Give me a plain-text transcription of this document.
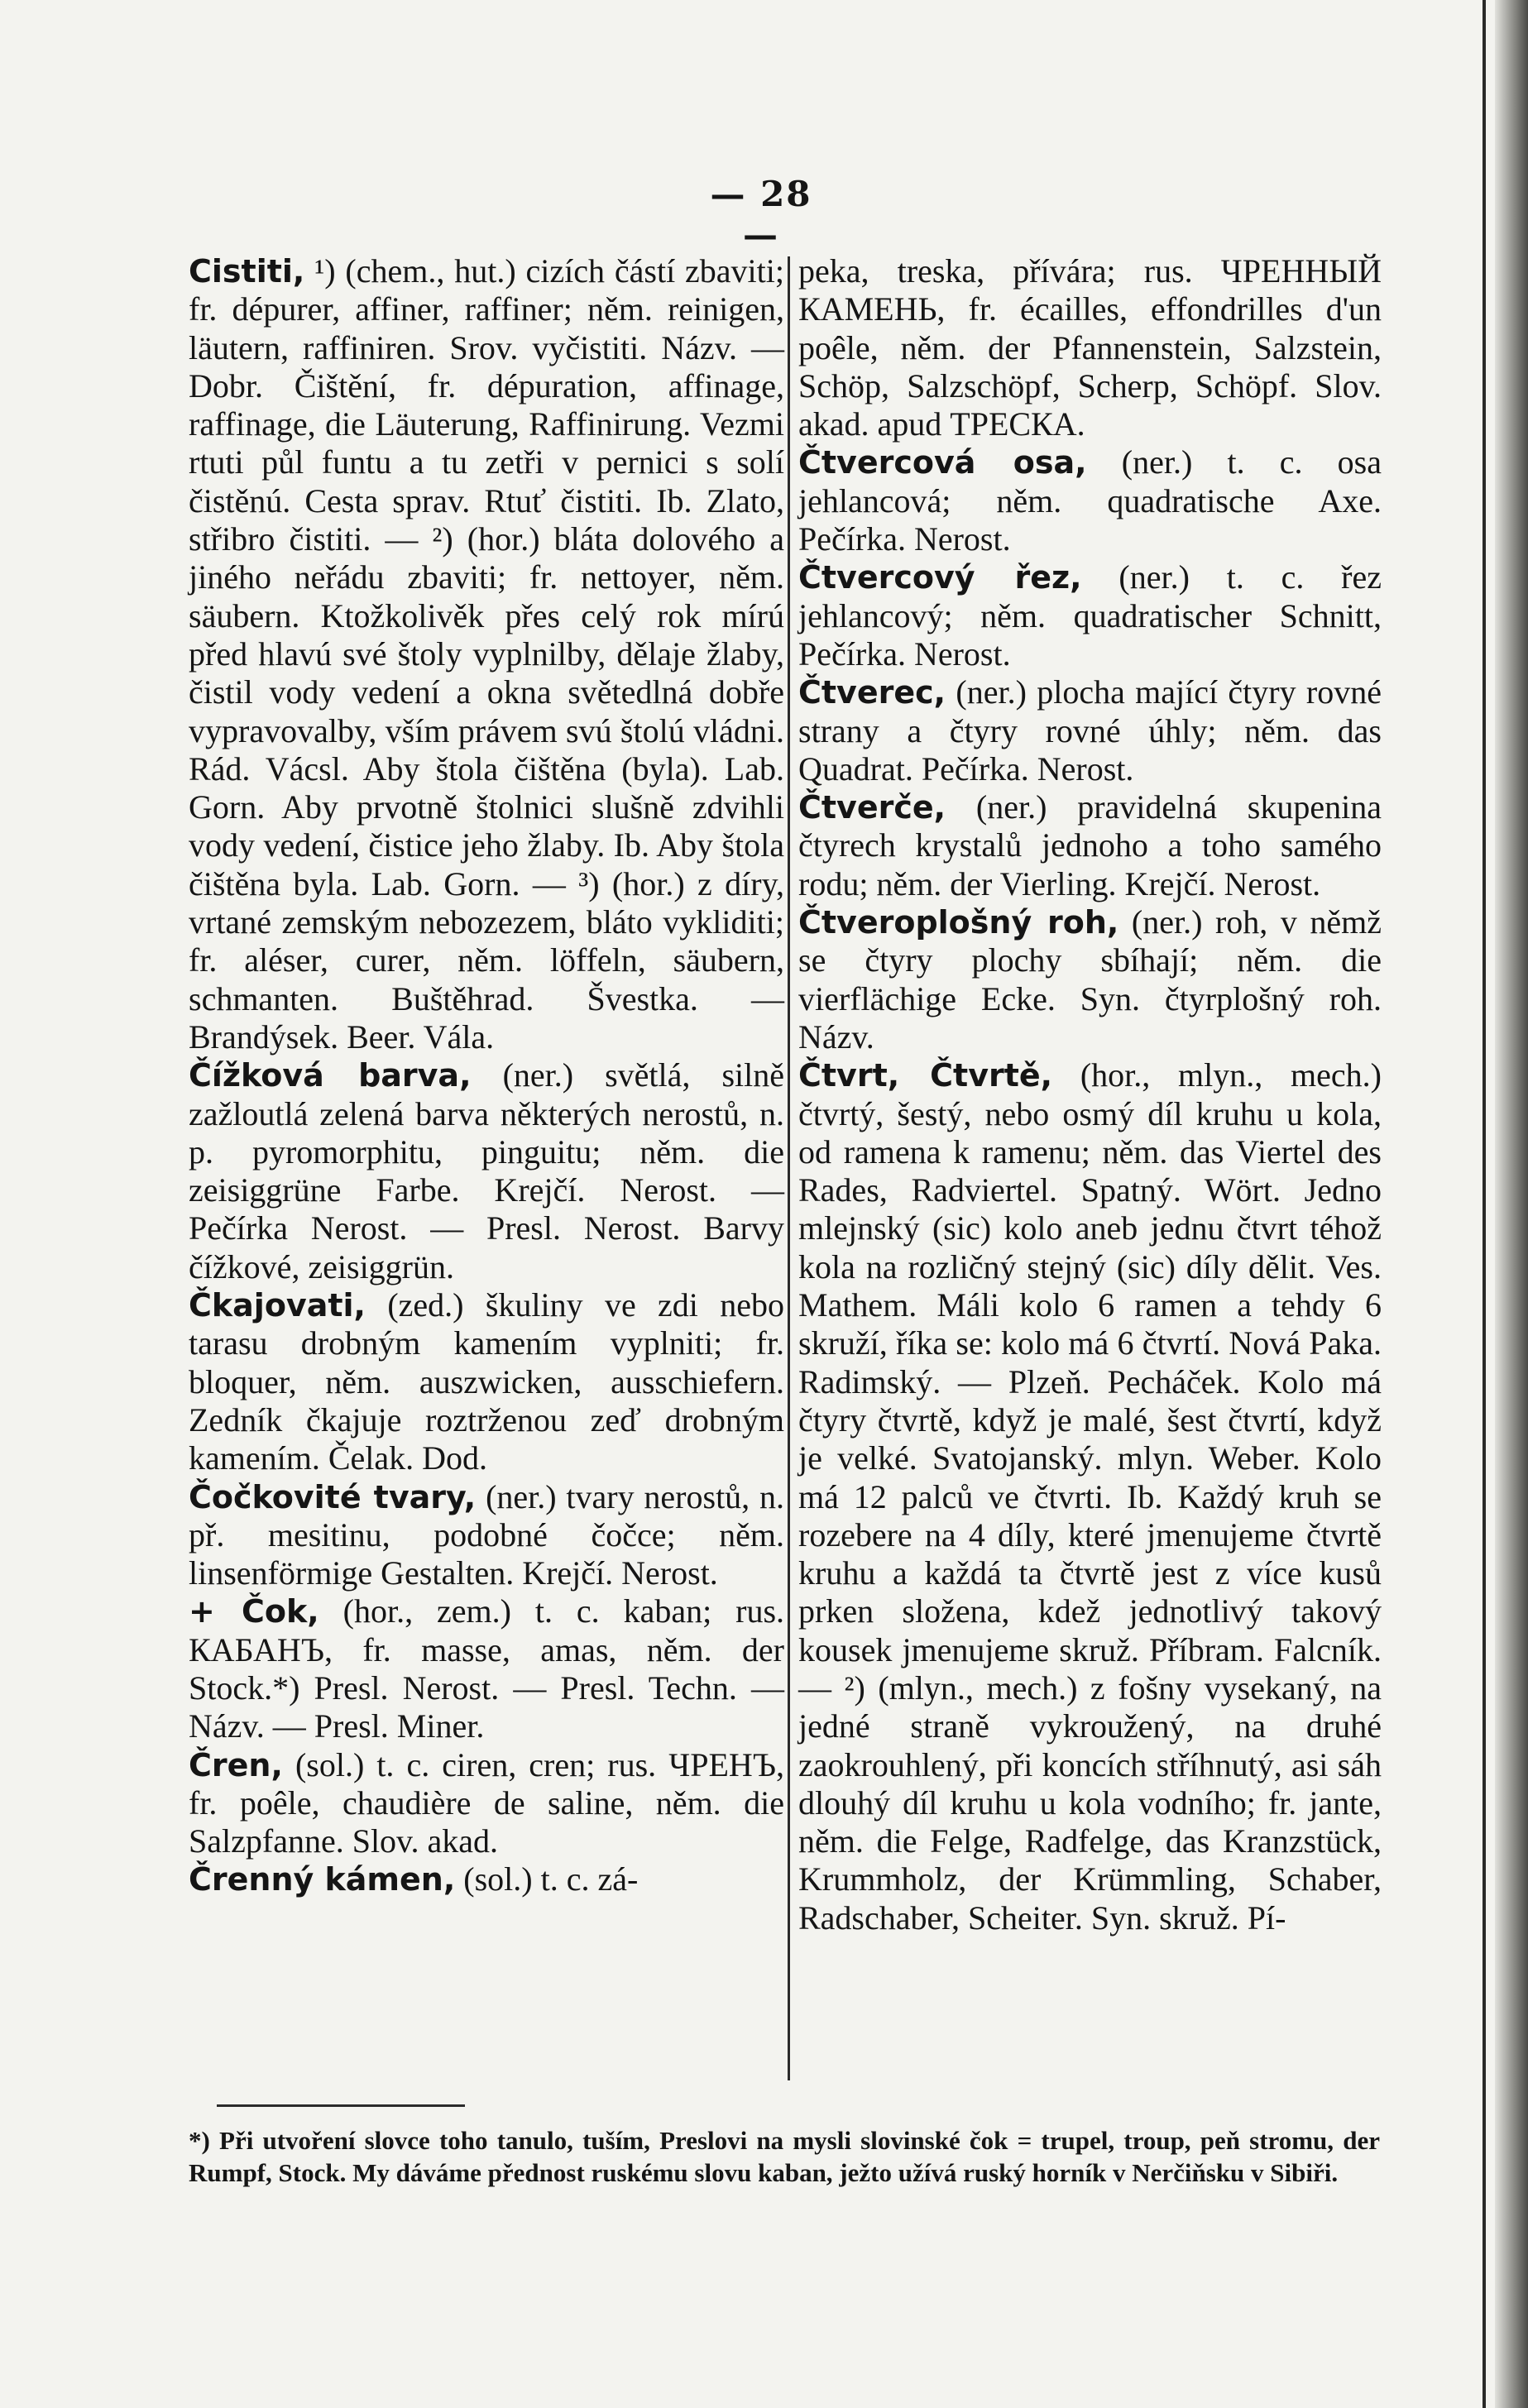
— 28 —

Cistiti, ¹) (chem., hut.) cizích částí zbaviti; fr. dépurer, affiner, raffiner; něm. reinigen, läutern, raffiniren. Srov. vyčistiti. Názv. — Dobr. Čištění, fr. dépuration, affinage, raffinage, die Läuterung, Raffinirung. Vezmi rtuti půl funtu a tu zetři v pernici s solí čistěnú. Cesta sprav. Rtuť čistiti. Ib. Zlato, střibro čistiti. — ²) (hor.) bláta dolového a jiného neřádu zbaviti; fr. nettoyer, něm. säubern. Ktožkolivěk přes celý rok mírú před hlavú své štoly vyplnilby, dělaje žlaby, čistil vody vedení a okna světedlná dobře vypravovalby, vším právem svú štolú vládni. Rád. Vácsl. Aby štola čištěna (byla). Lab. Gorn. Aby prvotně štolnici slušně zdvihli vody vedení, čistice jeho žlaby. Ib. Aby štola čištěna byla. Lab. Gorn. — ³) (hor.) z díry, vrtané zemským nebozezem, bláto vykliditi; fr. aléser, curer, něm. löffeln, säubern, schmanten. Buštěhrad. Švestka. — Brandýsek. Beer. Vála.

Čížková barva, (ner.) světlá, silně zažloutlá zelená barva některých nerostů, n. p. pyromorphitu, pinguitu; něm. die zeisiggrüne Farbe. Krejčí. Nerost. — Pečírka Nerost. — Presl. Nerost. Barvy čížkové, zeisiggrün.

Čkajovati, (zed.) škuliny ve zdi nebo tarasu drobným kamením vyplniti; fr. bloquer, něm. auszwicken, ausschiefern. Zedník čkajuje roztrženou zeď drobným kamením. Čelak. Dod.

Čočkovité tvary, (ner.) tvary nerostů, n. př. mesitinu, podobné čočce; něm. linsenförmige Gestalten. Krejčí. Nerost.

+ Čok, (hor., zem.) t. c. kaban; rus. КАБАНЪ, fr. masse, amas, něm. der Stock.*) Presl. Nerost. — Presl. Techn. — Názv. — Presl. Miner.

Čren, (sol.) t. c. ciren, cren; rus. ЧРЕНЪ, fr. poêle, chaudière de saline, něm. die Salzpfanne. Slov. akad.

Črenný kámen, (sol.) t. c. zá-

peka, treska, přívára; rus. ЧРЕННЫЙ КАМЕНЬ, fr. écailles, effondrilles d'un poêle, něm. der Pfannenstein, Salzstein, Schöp, Salzschöpf, Scherp, Schöpf. Slov. akad. apud ТРЕСКА.

Čtvercová osa, (ner.) t. c. osa jehlancová; něm. quadratische Axe. Pečírka. Nerost.

Čtvercový řez, (ner.) t. c. řez jehlancový; něm. quadratischer Schnitt, Pečírka. Nerost.

Čtverec, (ner.) plocha mající čtyry rovné strany a čtyry rovné úhly; něm. das Quadrat. Pečírka. Nerost.

Čtverče, (ner.) pravidelná skupenina čtyrech krystalů jednoho a toho samého rodu; něm. der Vierling. Krejčí. Nerost.

Čtveroplošný roh, (ner.) roh, v němž se čtyry plochy sbíhají; něm. die vierflächige Ecke. Syn. čtyrplošný roh. Názv.

Čtvrt, Čtvrtě, (hor., mlyn., mech.) čtvrtý, šestý, nebo osmý díl kruhu u kola, od ramena k ramenu; něm. das Viertel des Rades, Radviertel. Spatný. Wört. Jedno mlejnský (sic) kolo aneb jednu čtvrt téhož kola na rozličný stejný (sic) díly dělit. Ves. Mathem. Máli kolo 6 ramen a tehdy 6 skruží, říka se: kolo má 6 čtvrtí. Nová Paka. Radimský. — Plzeň. Pecháček. Kolo má čtyry čtvrtě, když je malé, šest čtvrtí, když je velké. Svatojanský. mlyn. Weber. Kolo má 12 palců ve čtvrti. Ib. Každý kruh se rozebere na 4 díly, které jmenujeme čtvrtě kruhu a každá ta čtvrtě jest z více kusů prken složena, kdež jednotlivý takový kousek jmenujeme skruž. Příbram. Falcník. — ²) (mlyn., mech.) z fošny vysekaný, na jedné straně vykroužený, na druhé zaokrouhlený, při koncích stříhnutý, asi sáh dlouhý díl kruhu u kola vodního; fr. jante, něm. die Felge, Radfelge, das Kranzstück, Krummholz, der Krümmling, Schaber, Radschaber, Scheiter. Syn. skruž. Pí-

*) Při utvoření slovce toho tanulo, tuším, Preslovi na mysli slovinské čok = trupel, troup, peň stromu, der Rumpf, Stock. My dáváme přednost ruskému slovu kaban, ježto užívá ruský horník v Nerčiňsku v Sibiři.
